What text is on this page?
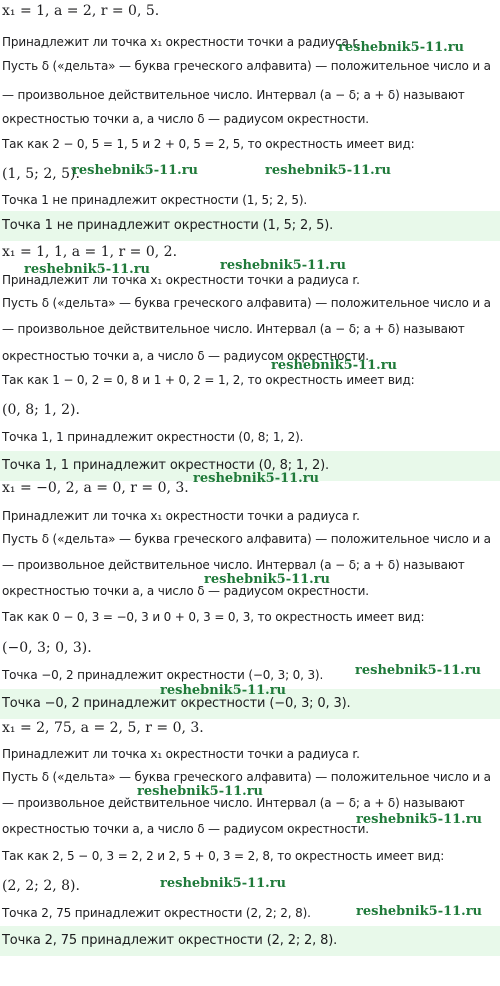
x₁ = 1, a = 2, r = 0, 5.
Принадлежит ли точка x₁ окрестности точки a радиуса r.
Пусть δ («дельта» — буква греческого алфавита) — положительное число и a
— произвольное действительное число. Интервал (a − δ; a + δ) называют
окрестностью точки a, а число δ — радиусом окрестности.
Так как 2 − 0, 5 = 1, 5 и 2 + 0, 5 = 2, 5, то окрестность имеет вид:
(1, 5; 2, 5).
Точка 1 не принадлежит окрестности (1, 5; 2, 5).
Точка 1 не принадлежит окрестности (1, 5; 2, 5).
x₁ = 1, 1, a = 1, r = 0, 2.
Принадлежит ли точка x₁ окрестности точки a радиуса r.
Пусть δ («дельта» — буква греческого алфавита) — положительное число и a
— произвольное действительное число. Интервал (a − δ; a + δ) называют
окрестностью точки a, а число δ — радиусом окрестности.
Так как 1 − 0, 2 = 0, 8 и 1 + 0, 2 = 1, 2, то окрестность имеет вид:
(0, 8; 1, 2).
Точка 1, 1 принадлежит окрестности (0, 8; 1, 2).
Точка 1, 1 принадлежит окрестности (0, 8; 1, 2).
x₁ = −0, 2, a = 0, r = 0, 3.
Принадлежит ли точка x₁ окрестности точки a радиуса r.
Пусть δ («дельта» — буква греческого алфавита) — положительное число и a
— произвольное действительное число. Интервал (a − δ; a + δ) называют
окрестностью точки a, а число δ — радиусом окрестности.
Так как 0 − 0, 3 = −0, 3 и 0 + 0, 3 = 0, 3, то окрестность имеет вид:
(−0, 3; 0, 3).
Точка −0, 2 принадлежит окрестности (−0, 3; 0, 3).
Точка −0, 2 принадлежит окрестности (−0, 3; 0, 3).
x₁ = 2, 75, a = 2, 5, r = 0, 3.
Принадлежит ли точка x₁ окрестности точки a радиуса r.
Пусть δ («дельта» — буква греческого алфавита) — положительное число и a
— произвольное действительное число. Интервал (a − δ; a + δ) называют
окрестностью точки a, а число δ — радиусом окрестности.
Так как 2, 5 − 0, 3 = 2, 2 и 2, 5 + 0, 3 = 2, 8, то окрестность имеет вид:
(2, 2; 2, 8).
Точка 2, 75 принадлежит окрестности (2, 2; 2, 8).
Точка 2, 75 принадлежит окрестности (2, 2; 2, 8).
reshebnik5-11.ru
reshebnik5-11.ru	reshebnik5-11.ru
reshebnik5-11.ru	reshebnik5-11.ru
reshebnik5-11.ru
reshebnik5-11.ru
reshebnik5-11.ru
reshebnik5-11.ru
reshebnik5-11.ru
reshebnik5-11.ru
reshebnik5-11.ru
reshebnik5-11.ru
reshebnik5-11.ru
